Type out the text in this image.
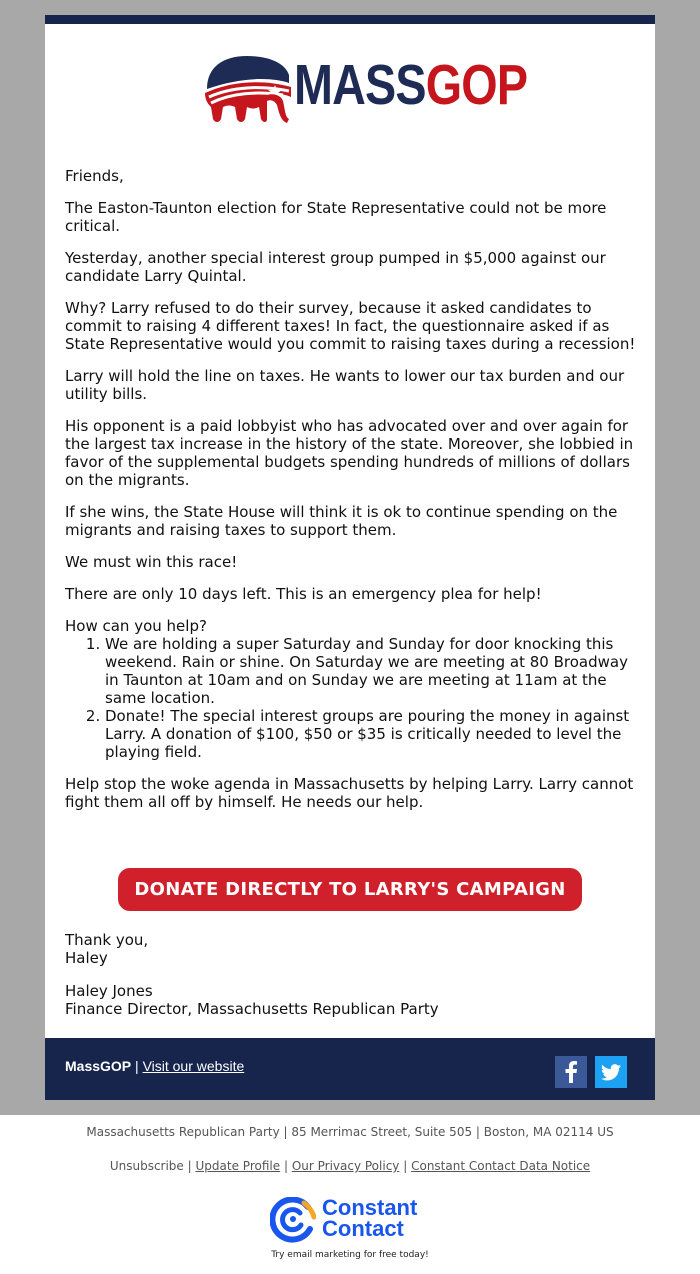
MASSGOP

Friends,

The Easton-Taunton election for State Representative could not be more critical.

Yesterday, another special interest group pumped in $5,000 against our candidate Larry Quintal.

Why? Larry refused to do their survey, because it asked candidates to commit to raising 4 different taxes! In fact, the questionnaire asked if as State Representative would you commit to raising taxes during a recession!

Larry will hold the line on taxes. He wants to lower our tax burden and our utility bills.

His opponent is a paid lobbyist who has advocated over and over again for the largest tax increase in the history of the state. Moreover, she lobbied in favor of the supplemental budgets spending hundreds of millions of dollars on the migrants.

If she wins, the State House will think it is ok to continue spending on the migrants and raising taxes to support them.

We must win this race!

There are only 10 days left. This is an emergency plea for help!

How can you help?
1. We are holding a super Saturday and Sunday for door knocking this weekend. Rain or shine. On Saturday we are meeting at 80 Broadway in Taunton at 10am and on Sunday we are meeting at 11am at the same location.
2. Donate! The special interest groups are pouring the money in against Larry. A donation of $100, $50 or $35 is critically needed to level the playing field.

Help stop the woke agenda in Massachusetts by helping Larry. Larry cannot fight them all off by himself. He needs our help.

DONATE DIRECTLY TO LARRY'S CAMPAIGN

Thank you,
Haley

Haley Jones
Finance Director, Massachusetts Republican Party

MassGOP | Visit our website
Massachusetts Republican Party | 85 Merrimac Street, Suite 505 | Boston, MA 02114 US
Unsubscribe | Update Profile | Our Privacy Policy | Constant Contact Data Notice
Constant
Contact
Try email marketing for free today!
